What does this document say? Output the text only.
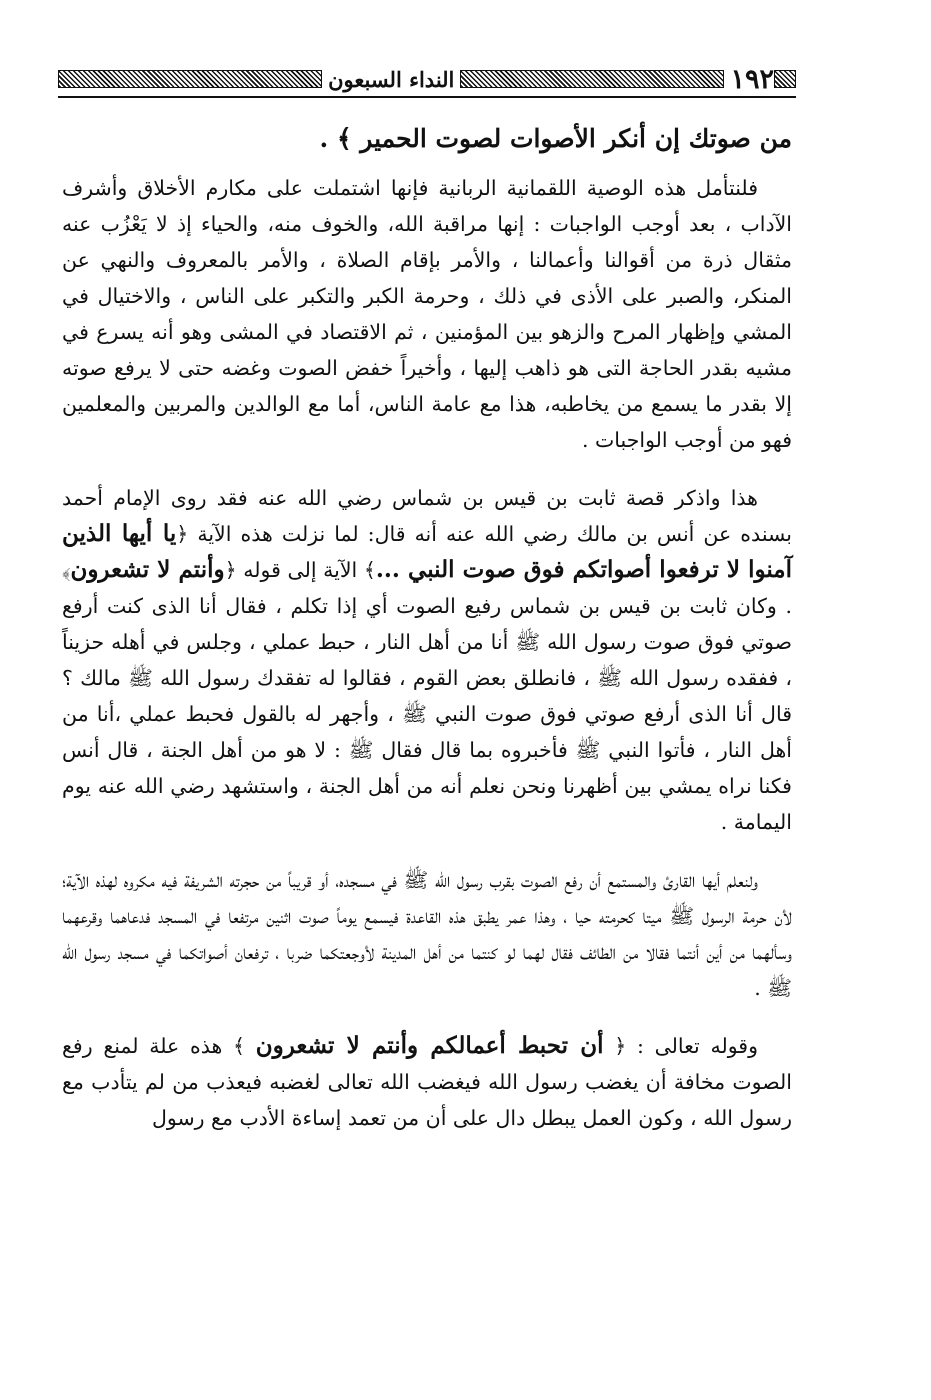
١٩٢
النداء السبعون

من صوتك إن أنكر الأصوات لصوت الحمير ﴾ .

فلنتأمل هذه الوصية اللقمانية الربانية فإنها اشتملت على مكارم الأخلاق وأشرف الآداب ، بعد أوجب الواجبات : إنها مراقبة الله، والخوف منه، والحياء إذ لا يَعْزُب عنه مثقال ذرة من أقوالنا وأعمالنا ، والأمر بإقام الصلاة ، والأمر بالمعروف والنهي عن المنكر، والصبر على الأذى في ذلك ، وحرمة الكبر والتكبر على الناس ، والاختيال في المشي وإظهار المرح والزهو بين المؤمنين ، ثم الاقتصاد في المشى وهو أنه يسرع في مشيه بقدر الحاجة التى هو ذاهب إليها ، وأخيراً خفض الصوت وغضه حتى لا يرفع صوته إلا بقدر ما يسمع من يخاطبه، هذا مع عامة الناس، أما مع الوالدين والمربين والمعلمين فهو من أوجب الواجبات .

هذا واذكر قصة ثابت بن قيس بن شماس رضي الله عنه فقد روى الإمام أحمد بسنده عن أنس بن مالك رضي الله عنه أنه قال: لما نزلت هذه الآية ﴿يا أيها الذين آمنوا لا ترفعوا أصواتكم فوق صوت النبي ...﴾ الآية إلى قوله ﴿وأنتم لا تشعرون﴾ . وكان ثابت بن قيس بن شماس رفيع الصوت أي إذا تكلم ، فقال أنا الذى كنت أرفع صوتي فوق صوت رسول الله ﷺ أنا من أهل النار ، حبط عملي ، وجلس في أهله حزيناً ، ففقده رسول الله ﷺ ، فانطلق بعض القوم ، فقالوا له تفقدك رسول الله ﷺ مالك ؟ قال أنا الذى أرفع صوتي فوق صوت النبي ﷺ ، وأجهر له بالقول فحبط عملي ،أنا من أهل النار ، فأتوا النبي ﷺ فأخبروه بما قال فقال ﷺ : لا هو من أهل الجنة ، قال أنس فكنا نراه يمشي بين أظهرنا ونحن نعلم أنه من أهل الجنة ، واستشهد رضي الله عنه يوم اليمامة .

ولنعلم أيها القارئ والمستمع أن رفع الصوت بقرب رسول الله ﷺ في مسجده، أو قريباً من حجرته الشريفة فيه مكروه لهذه الآية؛ لأن حرمة الرسول ﷺ ميتا كحرمته حيا ، وهذا عمر يطبق هذه القاعدة فيسمع يوماً صوت اثنين مرتفعا في المسجد فدعاهما وقرعهما وسألهما من أين أنتما فقالا من الطائف فقال لهما لو كنتما من أهل المدينة لأوجعتكما ضربا ، ترفعان أصواتكما في مسجد رسول الله ﷺ .

وقوله تعالى : ﴿ أن تحبط أعمالكم وأنتم لا تشعرون ﴾ هذه علة لمنع رفع الصوت مخافة أن يغضب رسول الله فيغضب الله تعالى لغضبه فيعذب من لم يتأدب مع رسول الله ، وكون العمل يبطل دال على أن من تعمد إساءة الأدب مع رسول
